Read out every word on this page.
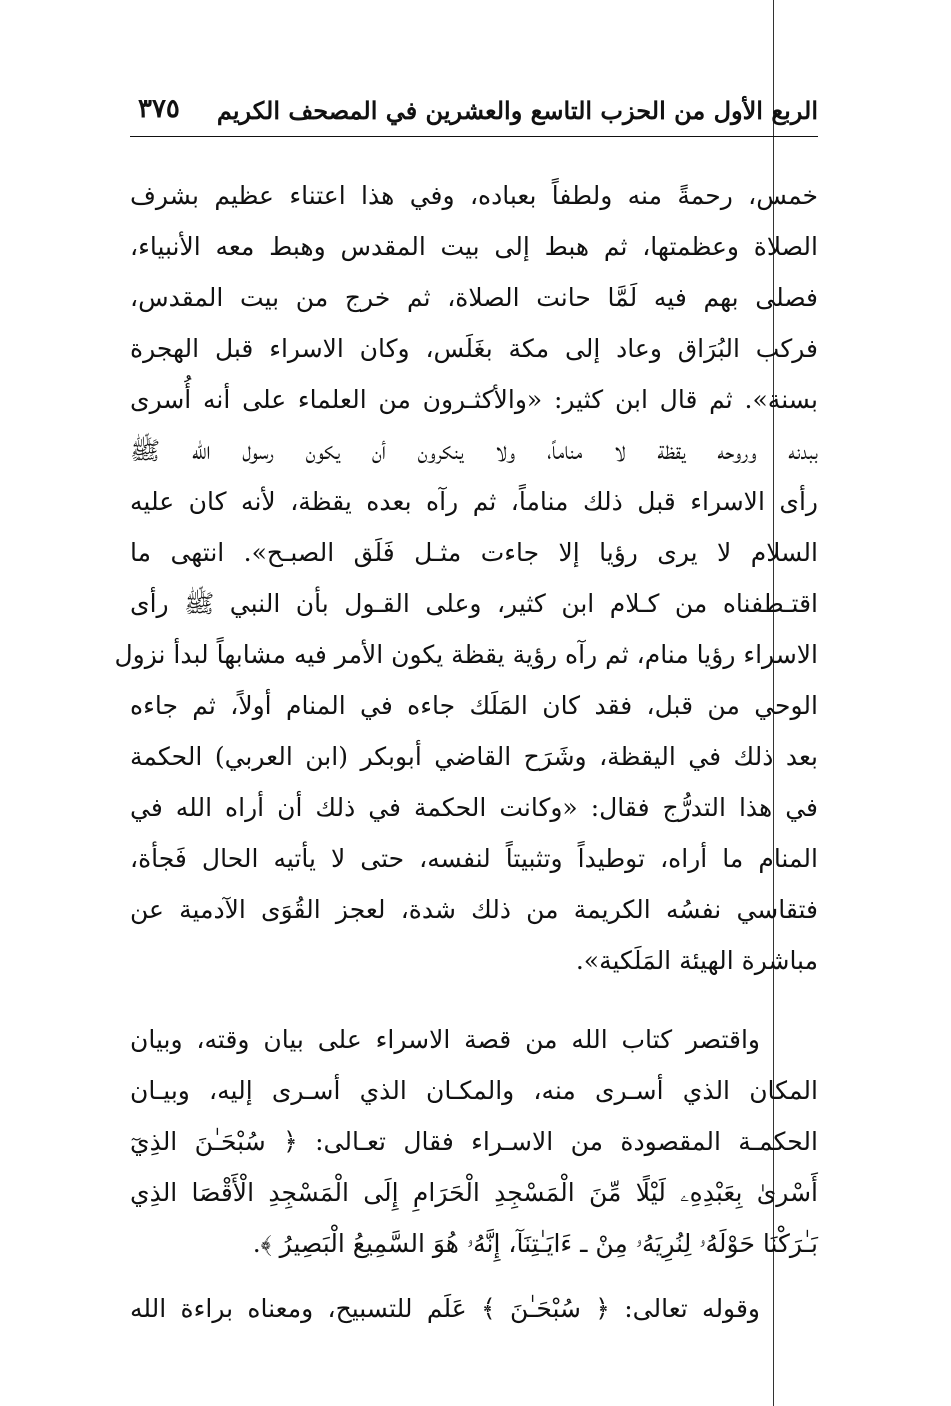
الربع الأول من الحزب التاسع والعشرين في المصحف الكريم
٣٧٥
خمس، رحمةً منه ولطفاً بعباده، وفي هذا اعتناء عظيم بشرف
الصلاة وعظمتها، ثم هبط إلى بيت المقدس وهبط معه الأنبياء،
فصلى بهم فيه لَمَّا حانت الصلاة، ثم خرج من بيت المقدس،
فركب البُرَاق وعاد إلى مكة بغَلَس، وكان الاسراء قبل الهجرة
بسنة». ثم قال ابن كثير: «والأكثـرون من العلماء على أنه أُسرى
ببدنه وروحه يقظة لا مناماً، ولا ينكرون أن يكون رسول الله ﷺ
رأى الاسراء قبل ذلك مناماً، ثم رآه بعده يقظة، لأنه كان عليه
السلام لا يرى رؤيا إلا جاءت مثـل فَلَق الصبـح». انتهى ما
اقتـطفناه من كـلام ابن كثير، وعلى القـول بأن النبي ﷺ رأى
الاسراء رؤيا منام، ثم رآه رؤية يقظة يكون الأمر فيه مشابهاً لبدأ نزول
الوحي من قبل، فقد كان المَلَك جاءه في المنام أولاً، ثم جاءه
بعد ذلك في اليقظة، وشَرَح القاضي أبوبكر (ابن العربي) الحكمة
في هذا التدرُّج فقال: «وكانت الحكمة في ذلك أن أراه الله في
المنام ما أراه، توطيداً وتثبيتاً لنفسه، حتى لا يأتيه الحال فَجأة،
فتقاسي نفسُه الكريمة من ذلك شدة، لعجز القُوَى الآدمية عن
مباشرة الهيئة المَلَكية».
واقتصر كتاب الله من قصة الاسراء على بيان وقته، وبيان
المكان الذي أسـرى منه، والمكـان الذي أسـرى إليه، وبيـان
الحكمـة المقصودة من الاسـراء فقال تعـالى: ﴿ سُبْحَـٰنَ الذِيٓ
أَسْرىٰ بِعَبْدِهِۦ لَيْلًا مِّنَ الْمَسْجِدِ الْحَرَامِ إِلَى الْمَسْجِدِ الْأَقْصَا الذِي
بَـٰرَكْنَا حَوْلَهُۥ لِنُرِيَهُۥ مِنْ ـ ءَايَـٰتِنَآ، إِنَّهُۥ هُوَ السَّمِيعُ الْبَصِيرُ ﴾.
وقوله تعالى: ﴿ سُبْحَـٰنَ ﴾ عَلَم للتسبيح، ومعناه براءة الله
